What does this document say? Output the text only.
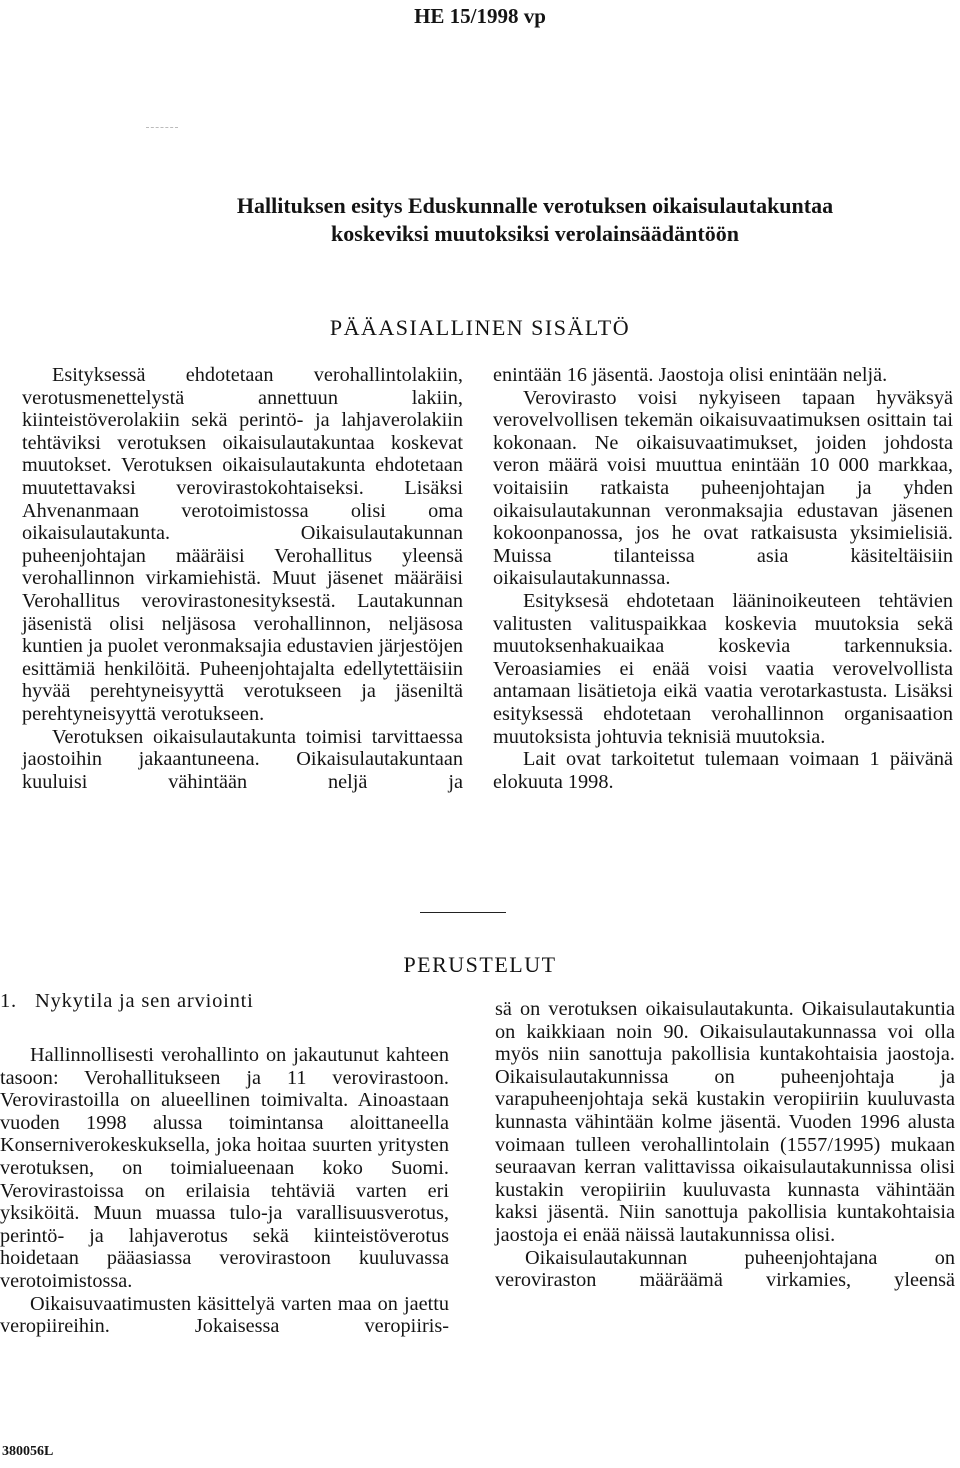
HE 15/1998 vp
Hallituksen esitys Eduskunnalle verotuksen oikaisulautakuntaa koskeviksi muutoksiksi verolainsäädäntöön
PÄÄASIALLINEN SISÄLTÖ

Esityksessä ehdotetaan verohallintolakiin, verotusmenettelystä annettuun lakiin, kiinteistöverolakiin sekä perintö- ja lahjaverolakiin tehtäviksi verotuksen oikaisulautakuntaa koskevat muutokset. Verotuksen oikaisulautakunta ehdotetaan muutettavaksi verovirastokohtaiseksi. Lisäksi Ahvenanmaan verotoimistossa olisi oma oikaisulautakunta. Oikaisulautakunnan puheenjohtajan määräisi Verohallitus yleensä verohallinnon virkamiehistä. Muut jäsenet määräisi Verohallitus verovirastonesityksestä. Lautakunnan jäsenistä olisi neljäsosa verohallinnon, neljäsosa kuntien ja puolet veronmaksajia edustavien järjestöjen esittämiä henkilöitä. Puheenjohtajalta edellytettäisiin hyvää perehtyneisyyttä verotukseen ja jäseniltä perehtyneisyyttä verotukseen.

Verotuksen oikaisulautakunta toimisi tarvittaessa jaostoihin jakaantuneena. Oikaisulautakuntaan kuuluisi vähintään neljä ja

enintään 16 jäsentä. Jaostoja olisi enintään neljä.

Verovirasto voisi nykyiseen tapaan hyväksyä verovelvollisen tekemän oikaisuvaatimuksen osittain tai kokonaan. Ne oikaisuvaatimukset, joiden johdosta veron määrä voisi muuttua enintään 10 000 markkaa, voitaisiin ratkaista puheenjohtajan ja yhden oikaisulautakunnan veronmaksajia edustavan jäsenen kokoonpanossa, jos he ovat ratkaisusta yksimielisiä. Muissa tilanteissa asia käsiteltäisiin oikaisulautakunnassa.

Esityksesä ehdotetaan lääninoikeuteen tehtävien valitusten valituspaikkaa koskevia muutoksia sekä muutoksenhakuaikaa koskevia tarkennuksia. Veroasiamies ei enää voisi vaatia verovelvollista antamaan lisätietoja eikä vaatia verotarkastusta. Lisäksi esityksessä ehdotetaan verohallinnon organisaation muutoksista johtuvia teknisiä muutoksia.

Lait ovat tarkoitetut tulemaan voimaan 1 päivänä elokuuta 1998.

PERUSTELUT
1. Nykytila ja sen arviointi

Hallinnollisesti verohallinto on jakautunut kahteen tasoon: Verohallitukseen ja 11 verovirastoon. Verovirastoilla on alueellinen toimivalta. Ainoastaan vuoden 1998 alussa toimintansa aloittaneella Konserniverokeskuksella, joka hoitaa suurten yritysten verotuksen, on toimialueenaan koko Suomi. Verovirastoissa on erilaisia tehtäviä varten eri yksiköitä. Muun muassa tulo-ja varallisuusverotus, perintö- ja lahjaverotus sekä kiinteistöverotus hoidetaan pääasiassa verovirastoon kuuluvassa verotoimistossa.

Oikaisuvaatimusten käsittelyä varten maa on jaettu veropiireihin. Jokaisessa veropiiris-

sä on verotuksen oikaisulautakunta. Oikaisulautakuntia on kaikkiaan noin 90. Oikaisulautakunnassa voi olla myös niin sanottuja pakollisia kuntakohtaisia jaostoja. Oikaisulautakunnissa on puheenjohtaja ja varapuheenjohtaja sekä kustakin veropiiriin kuuluvasta kunnasta vähintään kolme jäsentä. Vuoden 1996 alusta voimaan tulleen verohallintolain (1557/1995) mukaan seuraavan kerran valittavissa oikaisulautakunnissa olisi kustakin veropiiriin kuuluvasta kunnasta vähintään kaksi jäsentä. Niin sanottuja pakollisia kuntakohtaisia jaostoja ei enää näissä lautakunnissa olisi.

Oikaisulautakunnan puheenjohtajana on veroviraston määräämä virkamies, yleensä

380056L
